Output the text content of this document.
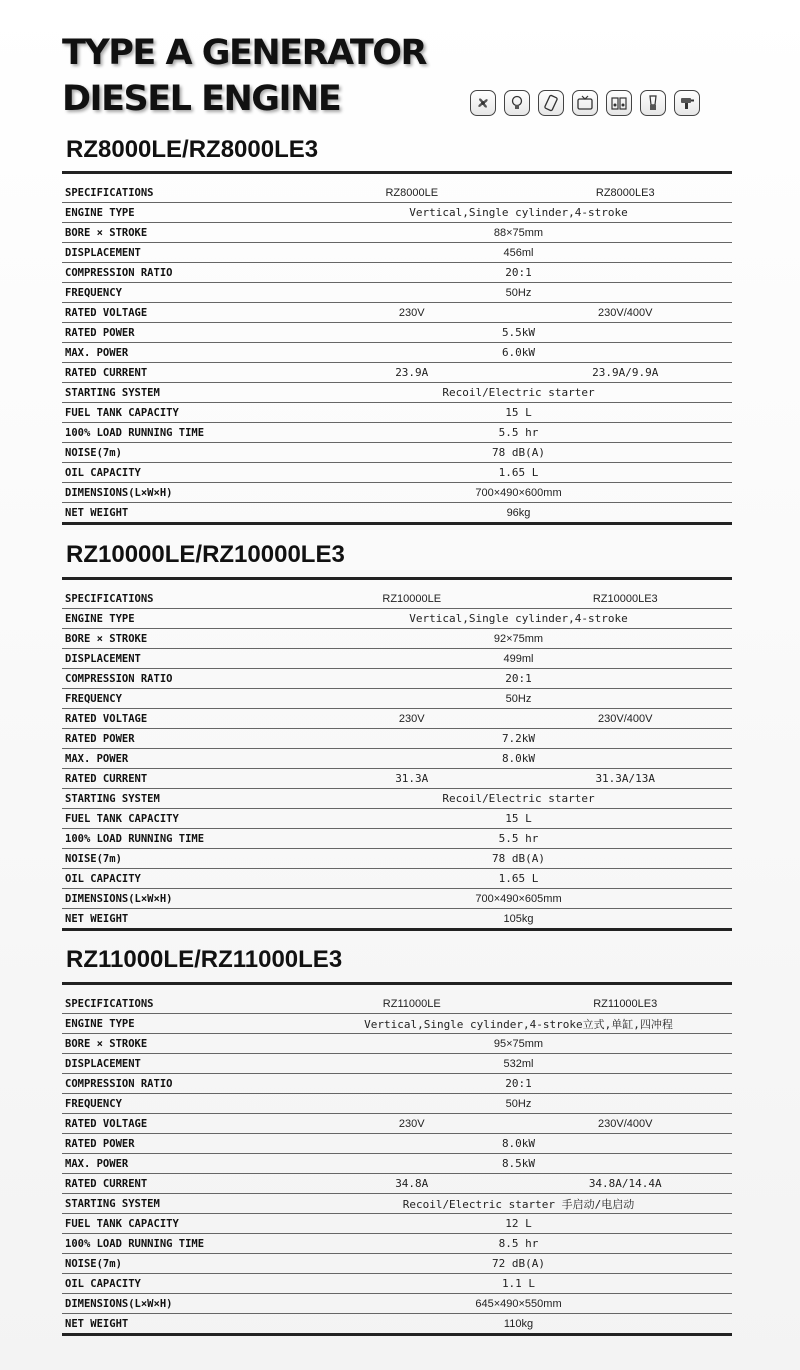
TYPE A GENERATOR
DIESEL ENGINE
RZ8000LE/RZ8000LE3
SPECIFICATIONS	RZ8000LE	RZ8000LE3
ENGINE TYPE	Vertical,Single cylinder,4-stroke
BORE × STROKE	88×75mm
DISPLACEMENT	456ml
COMPRESSION RATIO	20:1
FREQUENCY	50Hz
RATED VOLTAGE	230V	230V/400V
RATED POWER	5.5kW
MAX. POWER	6.0kW
RATED CURRENT	23.9A	23.9A/9.9A
STARTING SYSTEM	Recoil/Electric starter
FUEL TANK CAPACITY	15 L
100% LOAD RUNNING TIME	5.5 hr
NOISE(7m)	78 dB(A)
OIL CAPACITY	1.65 L
DIMENSIONS(L×W×H)	700×490×600mm
NET WEIGHT	96kg
RZ10000LE/RZ10000LE3
SPECIFICATIONS	RZ10000LE	RZ10000LE3
ENGINE TYPE	Vertical,Single cylinder,4-stroke
BORE × STROKE	92×75mm
DISPLACEMENT	499ml
COMPRESSION RATIO	20:1
FREQUENCY	50Hz
RATED VOLTAGE	230V	230V/400V
RATED POWER	7.2kW
MAX. POWER	8.0kW
RATED CURRENT	31.3A	31.3A/13A
STARTING SYSTEM	Recoil/Electric starter
FUEL TANK CAPACITY	15 L
100% LOAD RUNNING TIME	5.5 hr
NOISE(7m)	78 dB(A)
OIL CAPACITY	1.65 L
DIMENSIONS(L×W×H)	700×490×605mm
NET WEIGHT	105kg
RZ11000LE/RZ11000LE3
SPECIFICATIONS	RZ11000LE	RZ11000LE3
ENGINE TYPE	Vertical,Single cylinder,4-stroke立式,单缸,四冲程
BORE × STROKE	95×75mm
DISPLACEMENT	532ml
COMPRESSION RATIO	20:1
FREQUENCY	50Hz
RATED VOLTAGE	230V	230V/400V
RATED POWER	8.0kW
MAX. POWER	8.5kW
RATED CURRENT	34.8A	34.8A/14.4A
STARTING SYSTEM	Recoil/Electric starter 手启动/电启动
FUEL TANK CAPACITY	12 L
100% LOAD RUNNING TIME	8.5 hr
NOISE(7m)	72 dB(A)
OIL CAPACITY	1.1 L
DIMENSIONS(L×W×H)	645×490×550mm
NET WEIGHT	110kg
